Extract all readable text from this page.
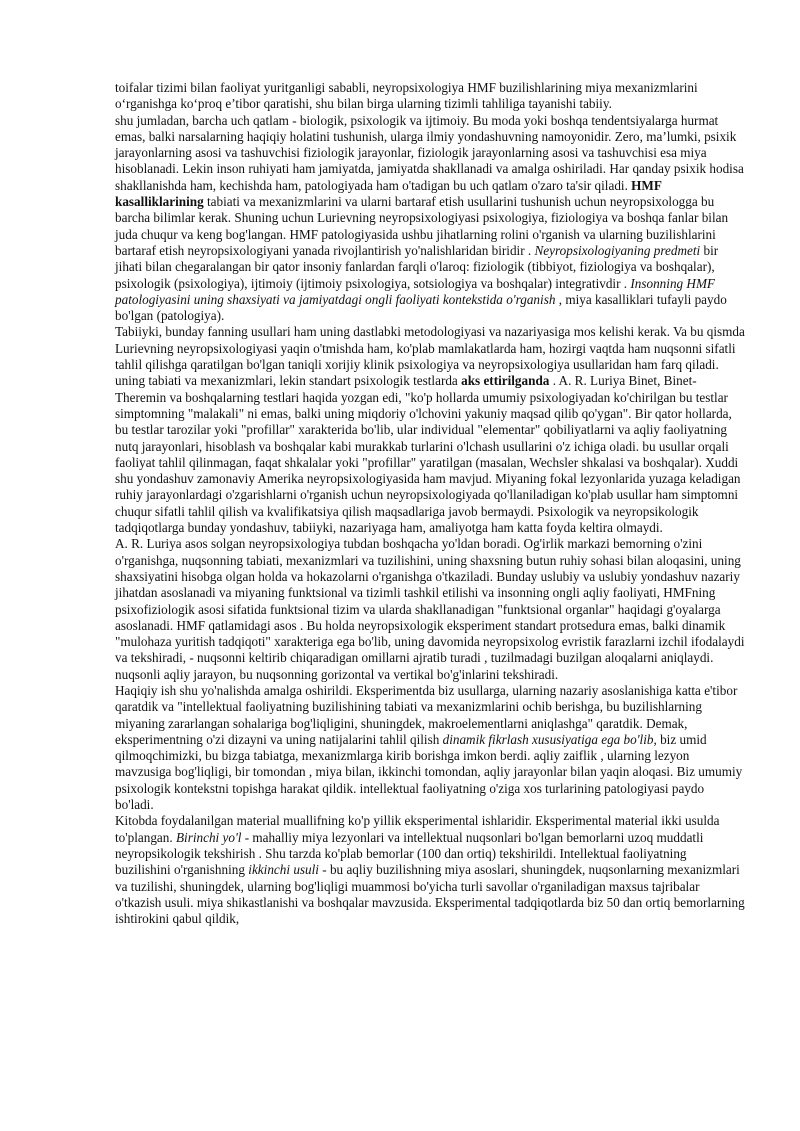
toifalar tizimi bilan faoliyat yuritganligi sababli, neyropsixologiya HMF buzilishlarining miya mexanizmlarini o‘rganishga ko‘proq e’tibor qaratishi, shu bilan birga ularning tizimli tahliliga tayanishi tabiiy.

shu jumladan, barcha uch qatlam - biologik, psixologik va ijtimoiy. Bu moda yoki boshqa tendentsiyalarga hurmat emas, balki narsalarning haqiqiy holatini tushunish, ularga ilmiy yondashuvning namoyonidir. Zero, ma’lumki, psixik jarayonlarning asosi va tashuvchisi fiziologik jarayonlar, fiziologik jarayonlarning asosi va tashuvchisi esa miya hisoblanadi. Lekin inson ruhiyati ham jamiyatda, jamiyatda shakllanadi va amalga oshiriladi. Har qanday psixik hodisa shakllanishda ham, kechishda ham, patologiyada ham o'tadigan bu uch qatlam o'zaro ta'sir qiladi. HMF kasalliklarining tabiati va mexanizmlarini va ularni bartaraf etish usullarini tushunish uchun neyropsixologga bu barcha bilimlar kerak. Shuning uchun Lurievning neyropsixologiyasi psixologiya, fiziologiya va boshqa fanlar bilan juda chuqur va keng bog'langan. HMF patologiyasida ushbu jihatlarning rolini o'rganish va ularning buzilishlarini bartaraf etish neyropsixologiyani yanada rivojlantirish yo'nalishlaridan biridir . Neyropsixologiyaning predmeti bir jihati bilan chegaralangan bir qator insoniy fanlardan farqli o'laroq: fiziologik (tibbiyot, fiziologiya va boshqalar), psixologik (psixologiya), ijtimoiy (ijtimoiy psixologiya, sotsiologiya va boshqalar) integrativdir . Insonning HMF patologiyasini uning shaxsiyati va jamiyatdagi ongli faoliyati kontekstida o'rganish , miya kasalliklari tufayli paydo bo'lgan (patologiya).

Tabiiyki, bunday fanning usullari ham uning dastlabki metodologiyasi va nazariyasiga mos kelishi kerak. Va bu qismda Lurievning neyropsixologiyasi yaqin o'tmishda ham, ko'plab mamlakatlarda ham, hozirgi vaqtda ham nuqsonni sifatli tahlil qilishga qaratilgan bo'lgan taniqli xorijiy klinik psixologiya va neyropsixologiya usullaridan ham farq qiladi. uning tabiati va mexanizmlari, lekin standart psixologik testlarda aks ettirilganda . A. R. Luriya Binet, Binet-Theremin va boshqalarning testlari haqida yozgan edi, "ko'p hollarda umumiy psixologiyadan ko'chirilgan bu testlar simptomning "malakali" ni emas, balki uning miqdoriy o'lchovini yakuniy maqsad qilib qo'ygan". Bir qator hollarda, bu testlar tarozilar yoki "profillar" xarakterida bo'lib, ular individual "elementar" qobiliyatlarni va aqliy faoliyatning nutq jarayonlari, hisoblash va boshqalar kabi murakkab turlarini o'lchash usullarini o'z ichiga oladi. bu usullar orqali faoliyat tahlil qilinmagan, faqat shkalalar yoki "profillar" yaratilgan (masalan, Wechsler shkalasi va boshqalar). Xuddi shu yondashuv zamonaviy Amerika neyropsixologiyasida ham mavjud. Miyaning fokal lezyonlarida yuzaga keladigan ruhiy jarayonlardagi o'zgarishlarni o'rganish uchun neyropsixologiyada qo'llaniladigan ko'plab usullar ham simptomni chuqur sifatli tahlil qilish va kvalifikatsiya qilish maqsadlariga javob bermaydi. Psixologik va neyropsikologik tadqiqotlarga bunday yondashuv, tabiiyki, nazariyaga ham, amaliyotga ham katta foyda keltira olmaydi.

A. R. Luriya asos solgan neyropsixologiya tubdan boshqacha yo'ldan boradi. Og'irlik markazi bemorning o'zini o'rganishga, nuqsonning tabiati, mexanizmlari va tuzilishini, uning shaxsning butun ruhiy sohasi bilan aloqasini, uning shaxsiyatini hisobga olgan holda va hokazolarni o'rganishga o'tkaziladi. Bunday uslubiy va uslubiy yondashuv nazariy jihatdan asoslanadi va miyaning funktsional va tizimli tashkil etilishi va insonning ongli aqliy faoliyati, HMFning psixofiziologik asosi sifatida funktsional tizim va ularda shakllanadigan "funktsional organlar" haqidagi g'oyalarga asoslanadi. HMF qatlamidagi asos . Bu holda neyropsixologik eksperiment standart protsedura emas, balki dinamik "mulohaza yuritish tadqiqoti" xarakteriga ega bo'lib, uning davomida neyropsixolog evristik farazlarni izchil ifodalaydi va tekshiradi, - nuqsonni keltirib chiqaradigan omillarni ajratib turadi , tuzilmadagi buzilgan aloqalarni aniqlaydi. nuqsonli aqliy jarayon, bu nuqsonning gorizontal va vertikal bo'g'inlarini tekshiradi.

Haqiqiy ish shu yo'nalishda amalga oshirildi. Eksperimentda biz usullarga, ularning nazariy asoslanishiga katta e'tibor qaratdik va "intellektual faoliyatning buzilishining tabiati va mexanizmlarini ochib berishga, bu buzilishlarning miyaning zararlangan sohalariga bog'liqligini, shuningdek, makroelementlarni aniqlashga" qaratdik. Demak, eksperimentning o'zi dizayni va uning natijalarini tahlil qilish dinamik fikrlash xususiyatiga ega bo'lib, biz umid qilmoqchimizki, bu bizga tabiatga, mexanizmlarga kirib borishga imkon berdi. aqliy zaiflik , ularning lezyon mavzusiga bog'liqligi, bir tomondan , miya bilan, ikkinchi tomondan, aqliy jarayonlar bilan yaqin aloqasi. Biz umumiy psixologik kontekstni topishga harakat qildik. intellektual faoliyatning o'ziga xos turlarining patologiyasi paydo bo'ladi.

Kitobda foydalanilgan material muallifning ko'p yillik eksperimental ishlaridir. Eksperimental material ikki usulda to'plangan. Birinchi yo'l - mahalliy miya lezyonlari va intellektual nuqsonlari bo'lgan bemorlarni uzoq muddatli neyropsikologik tekshirish . Shu tarzda ko'plab bemorlar (100 dan ortiq) tekshirildi. Intellektual faoliyatning buzilishini o'rganishning ikkinchi usuli - bu aqliy buzilishning miya asoslari, shuningdek, nuqsonlarning mexanizmlari va tuzilishi, shuningdek, ularning bog'liqligi muammosi bo'yicha turli savollar o'rganiladigan maxsus tajribalar o'tkazish usuli. miya shikastlanishi va boshqalar mavzusida. Eksperimental tadqiqotlarda biz 50 dan ortiq bemorlarning ishtirokini qabul qildik,
